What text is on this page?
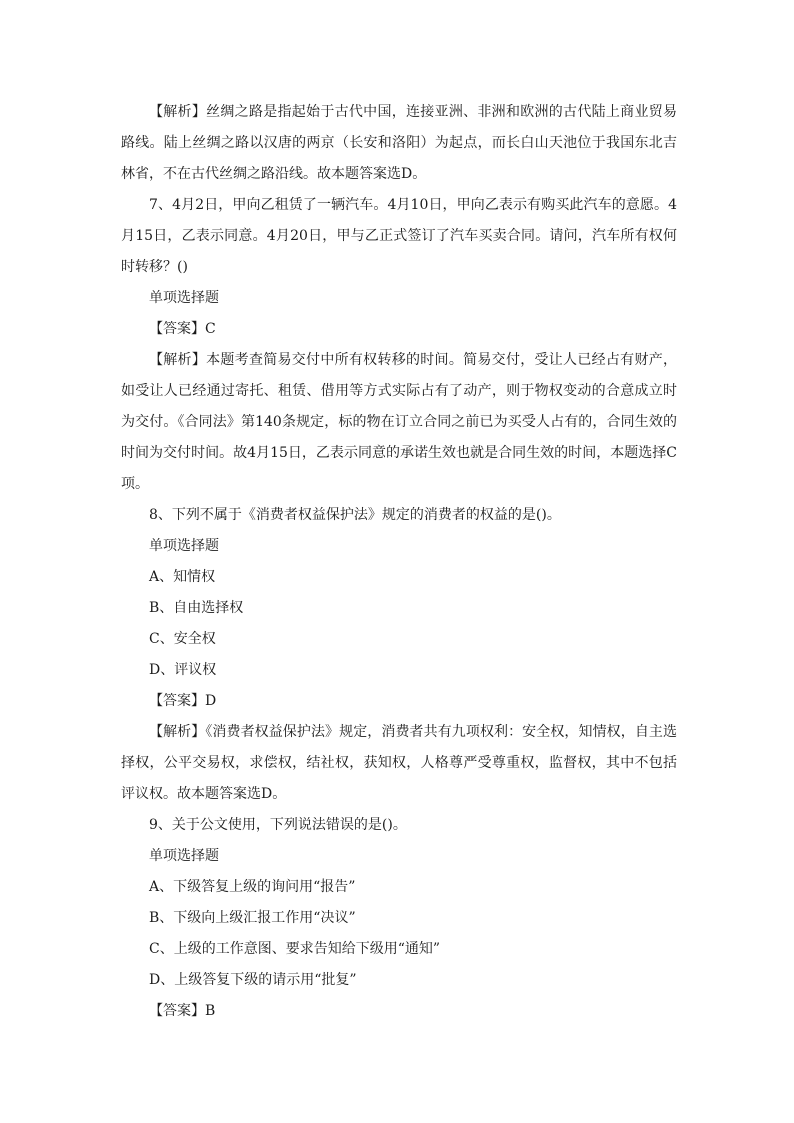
【解析】丝绸之路是指起始于古代中国，连接亚洲、非洲和欧洲的古代陆上商业贸易路线。陆上丝绸之路以汉唐的两京（长安和洛阳）为起点，而长白山天池位于我国东北吉林省，不在古代丝绸之路沿线。故本题答案选D。

7、4月2日，甲向乙租赁了一辆汽车。4月10日，甲向乙表示有购买此汽车的意愿。4月15日，乙表示同意。4月20日，甲与乙正式签订了汽车买卖合同。请问，汽车所有权何时转移？()

单项选择题

【答案】C

【解析】本题考查简易交付中所有权转移的时间。简易交付，受让人已经占有财产，如受让人已经通过寄托、租赁、借用等方式实际占有了动产，则于物权变动的合意成立时为交付。《合同法》第140条规定，标的物在订立合同之前已为买受人占有的，合同生效的时间为交付时间。故4月15日，乙表示同意的承诺生效也就是合同生效的时间，本题选择C项。

8、下列不属于《消费者权益保护法》规定的消费者的权益的是()。

单项选择题

A、知情权

B、自由选择权

C、安全权

D、评议权

【答案】D

【解析】《消费者权益保护法》规定，消费者共有九项权利：安全权，知情权，自主选择权，公平交易权，求偿权，结社权，获知权，人格尊严受尊重权，监督权，其中不包括评议权。故本题答案选D。

9、关于公文使用，下列说法错误的是()。

单项选择题

A、下级答复上级的询问用“报告”

B、下级向上级汇报工作用“决议”

C、上级的工作意图、要求告知给下级用“通知”

D、上级答复下级的请示用“批复”

【答案】B
